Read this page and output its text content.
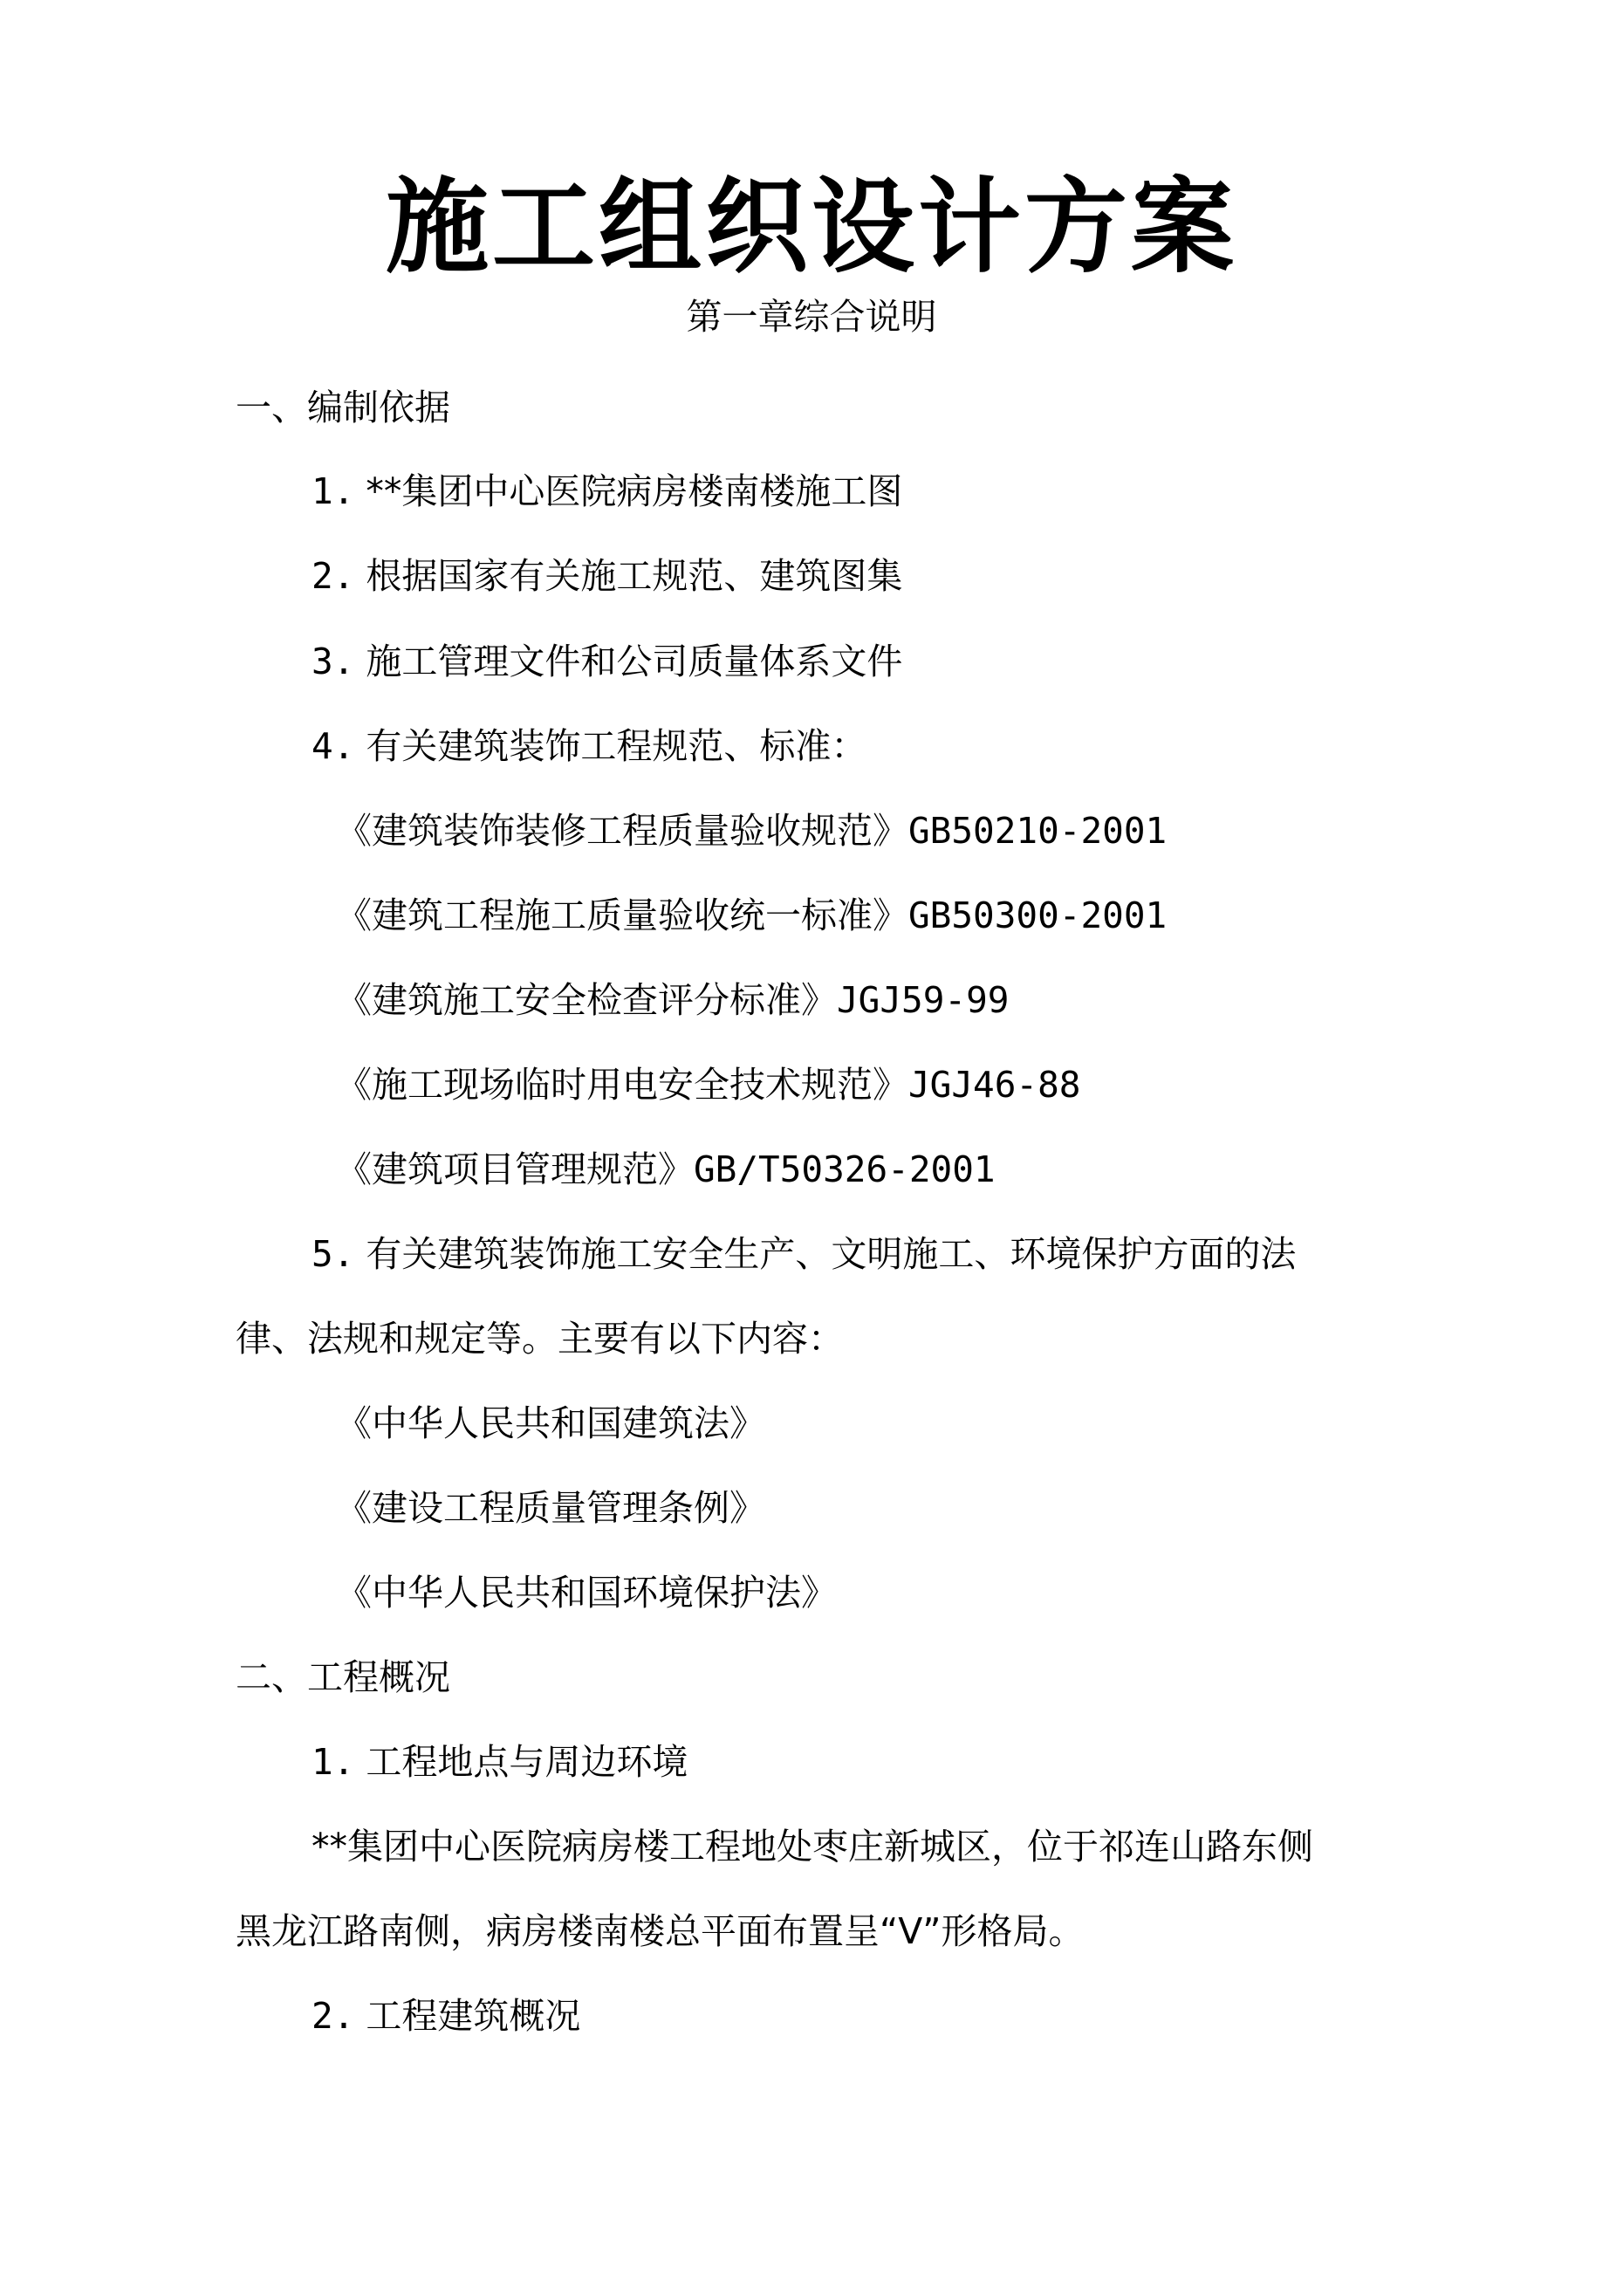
施工组织设计方案
第一章综合说明
一、编制依据
1. **集团中心医院病房楼南楼施工图
2. 根据国家有关施工规范、建筑图集
3. 施工管理文件和公司质量体系文件
4. 有关建筑装饰工程规范、标准：
《建筑装饰装修工程质量验收规范》GB50210-2001
《建筑工程施工质量验收统一标准》GB50300-2001
《建筑施工安全检查评分标准》JGJ59-99
《施工现场临时用电安全技术规范》JGJ46-88
《建筑项目管理规范》GB/T50326-2001
5. 有关建筑装饰施工安全生产、文明施工、环境保护方面的法
律、法规和规定等。主要有以下内容：
《中华人民共和国建筑法》
《建设工程质量管理条例》
《中华人民共和国环境保护法》
二、工程概况
1. 工程地点与周边环境
**集团中心医院病房楼工程地处枣庄新城区，位于祁连山路东侧
黑龙江路南侧，病房楼南楼总平面布置呈“V”形格局。
2. 工程建筑概况
